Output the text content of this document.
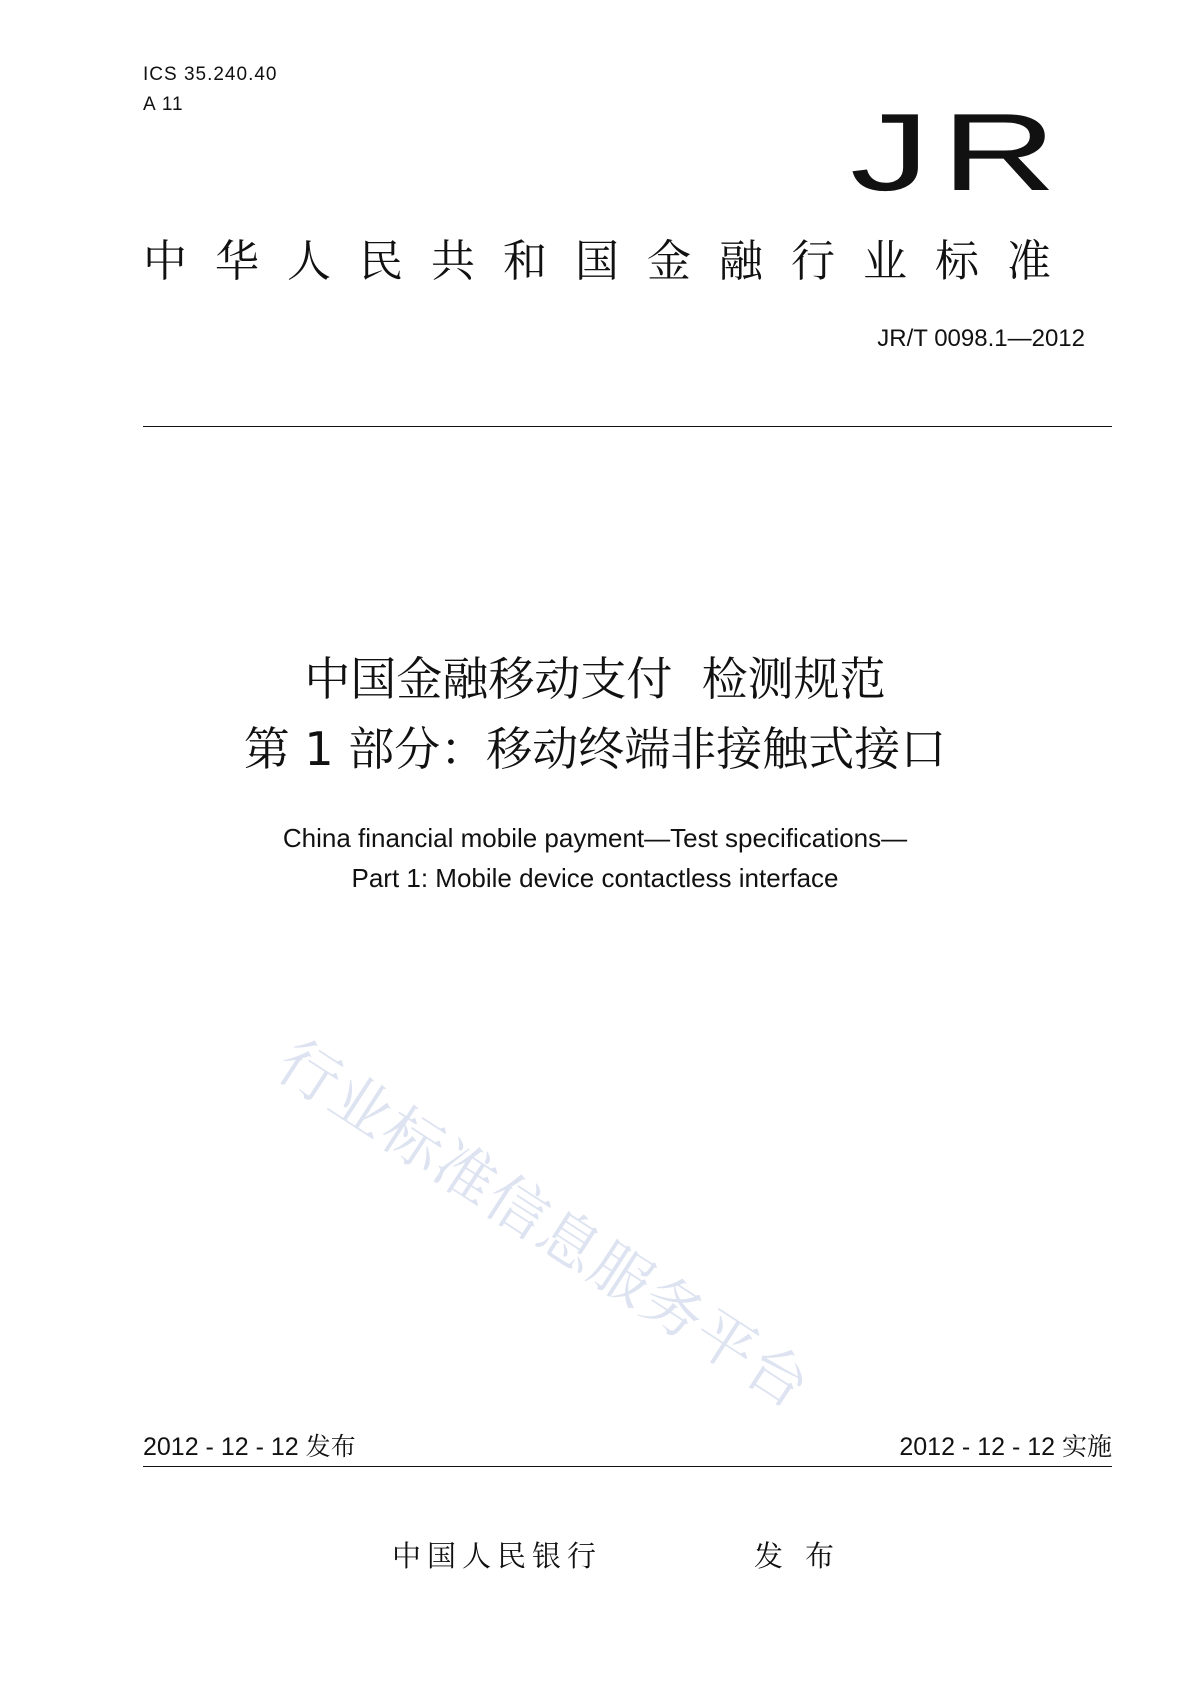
ICS 35.240.40
A 11	JR
中华人民共和国金融行业标准
JR/T 0098.1—2012
中国金融移动支付  检测规范
第 1 部分：移动终端非接触式接口
China financial mobile payment—Test specifications—
Part 1: Mobile device contactless interface
行业标准信息服务平台
2012 - 12 - 12 发布	2012 - 12 - 12 实施
中国人民银行	发布
